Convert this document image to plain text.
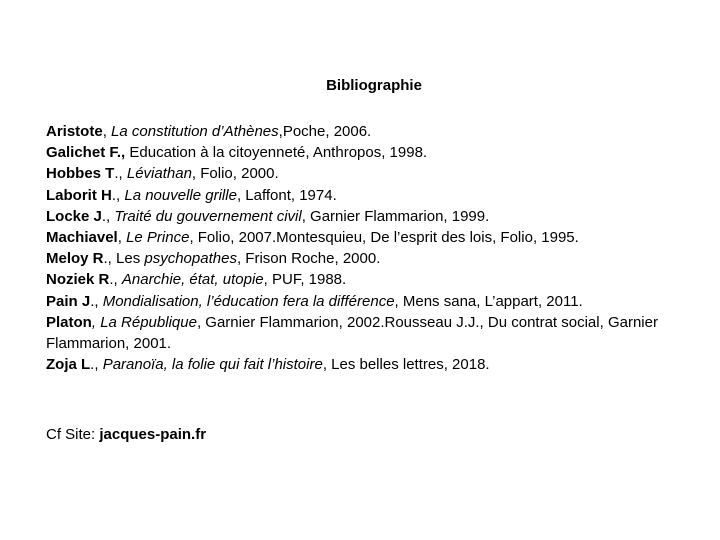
Bibliographie
Aristote, La constitution d’Athènes,Poche, 2006.
Galichet F., Education à la citoyenneté, Anthropos, 1998.
Hobbes T., Léviathan, Folio, 2000.
Laborit H., La nouvelle grille, Laffont, 1974.
Locke J., Traité du gouvernement civil, Garnier Flammarion, 1999.
Machiavel, Le Prince, Folio, 2007.Montesquieu, De l’esprit des lois, Folio, 1995.
Meloy R., Les psychopathes, Frison Roche, 2000.
Noziek R., Anarchie, état, utopie, PUF, 1988.
Pain J., Mondialisation, l’éducation fera la différence, Mens sana, L’appart, 2011.
Platon, La République, Garnier Flammarion, 2002.Rousseau J.J., Du contrat social, Garnier Flammarion, 2001.
Zoja L., Paranoïa, la folie qui fait l’histoire, Les belles lettres, 2018.
Cf Site: jacques-pain.fr
